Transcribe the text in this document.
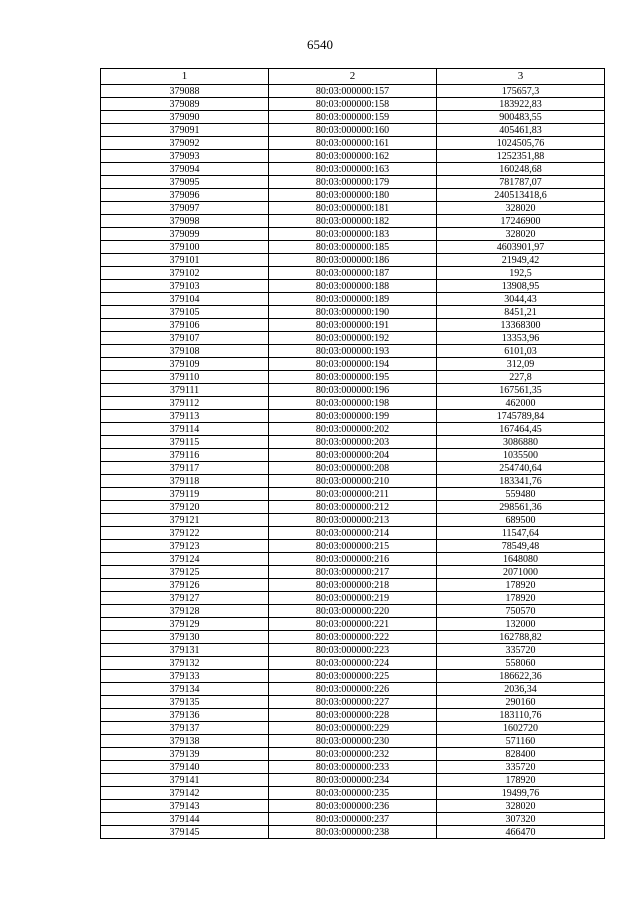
6540
1	2	3
379088	80:03:000000:157	175657,3
379089	80:03:000000:158	183922,83
379090	80:03:000000:159	900483,55
379091	80:03:000000:160	405461,83
379092	80:03:000000:161	1024505,76
379093	80:03:000000:162	1252351,88
379094	80:03:000000:163	160248,68
379095	80:03:000000:179	781787,07
379096	80:03:000000:180	240513418,6
379097	80:03:000000:181	328020
379098	80:03:000000:182	17246900
379099	80:03:000000:183	328020
379100	80:03:000000:185	4603901,97
379101	80:03:000000:186	21949,42
379102	80:03:000000:187	192,5
379103	80:03:000000:188	13908,95
379104	80:03:000000:189	3044,43
379105	80:03:000000:190	8451,21
379106	80:03:000000:191	13368300
379107	80:03:000000:192	13353,96
379108	80:03:000000:193	6101,03
379109	80:03:000000:194	312,09
379110	80:03:000000:195	227,8
379111	80:03:000000:196	167561,35
379112	80:03:000000:198	462000
379113	80:03:000000:199	1745789,84
379114	80:03:000000:202	167464,45
379115	80:03:000000:203	3086880
379116	80:03:000000:204	1035500
379117	80:03:000000:208	254740,64
379118	80:03:000000:210	183341,76
379119	80:03:000000:211	559480
379120	80:03:000000:212	298561,36
379121	80:03:000000:213	689500
379122	80:03:000000:214	11547,64
379123	80:03:000000:215	78549,48
379124	80:03:000000:216	1648080
379125	80:03:000000:217	2071000
379126	80:03:000000:218	178920
379127	80:03:000000:219	178920
379128	80:03:000000:220	750570
379129	80:03:000000:221	132000
379130	80:03:000000:222	162788,82
379131	80:03:000000:223	335720
379132	80:03:000000:224	558060
379133	80:03:000000:225	186622,36
379134	80:03:000000:226	2036,34
379135	80:03:000000:227	290160
379136	80:03:000000:228	183110,76
379137	80:03:000000:229	1602720
379138	80:03:000000:230	571160
379139	80:03:000000:232	828400
379140	80:03:000000:233	335720
379141	80:03:000000:234	178920
379142	80:03:000000:235	19499,76
379143	80:03:000000:236	328020
379144	80:03:000000:237	307320
379145	80:03:000000:238	466470
